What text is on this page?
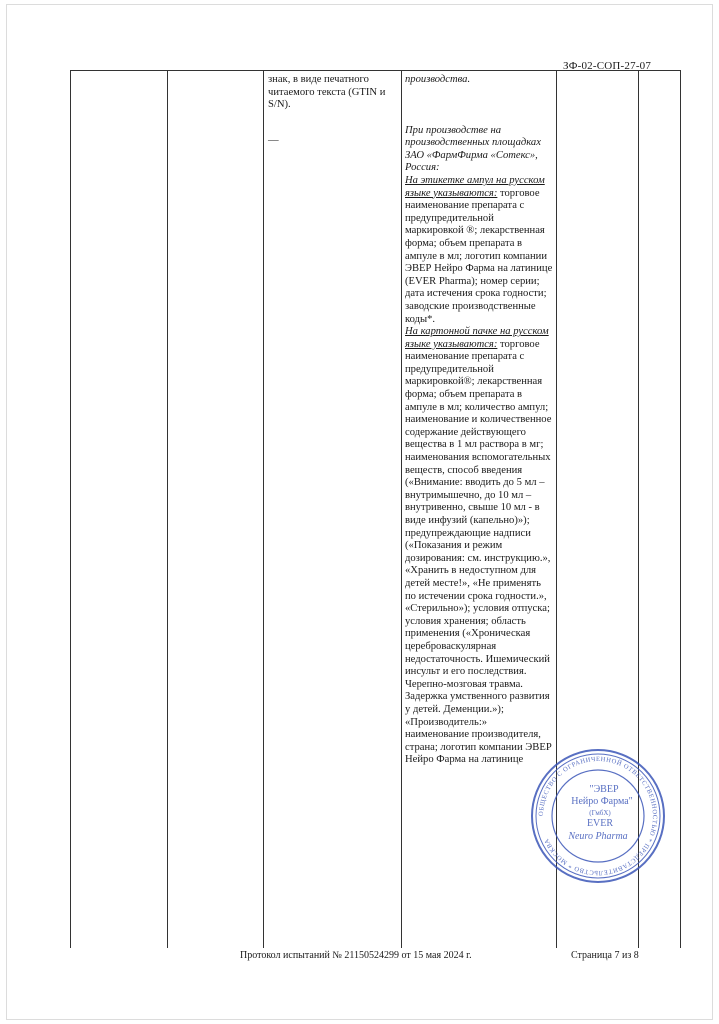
ЗФ-02-СОП-27-07
знак, в виде печатного читаемого текста (GTIN и S/N).
—
производства.
При производстве на производственных площадках ЗАО «ФармФирма «Сотекс», Россия:
На этикетке ампул на русском языке указываются: торговое наименование препарата с предупредительной маркировкой ®; лекарственная форма; объем препарата в ампуле в мл; логотип компании ЭВЕР Нейро Фарма на латинице (EVER Pharma); номер серии; дата истечения срока годности; заводские производственные коды*.
На картонной пачке на русском языке указываются: торговое наименование препарата с предупредительной маркировкой®; лекарственная форма; объем препарата в ампуле в мл; количество ампул; наименование и количественное содержание действующего вещества в 1 мл раствора в мг; наименования вспомогательных веществ, способ введения («Внимание: вводить до 5 мл – внутримышечно, до 10 мл – внутривенно, свыше 10 мл - в виде инфузий (капельно)»); предупреждающие надписи («Показания и режим дозирования: см. инструкцию.», «Хранить в недоступном для детей месте!», «Не применять по истечении срока годности.», «Стерильно»); условия отпуска; условия хранения; область применения («Хроническая цереброваскулярная недостаточность. Ишемический инсульт и его последствия. Черепно-мозговая травма. Задержка умственного развития у детей. Деменции.»); «Производитель:» наименование производителя, страна; логотип компании ЭВЕР Нейро Фарма на латинице
Протокол испытаний № 21150524299 от 15 мая 2024 г.	Страница 7 из 8
ОБЩЕСТВО С ОГРАНИЧЕННОЙ ОТВЕТСТВЕННОСТЬЮ * ПРЕДСТАВИТЕЛЬСТВО * МОСКВА
"ЭВЕР
Нейро Фарма"
(ГмбХ)
EVER
Neuro Pharma
